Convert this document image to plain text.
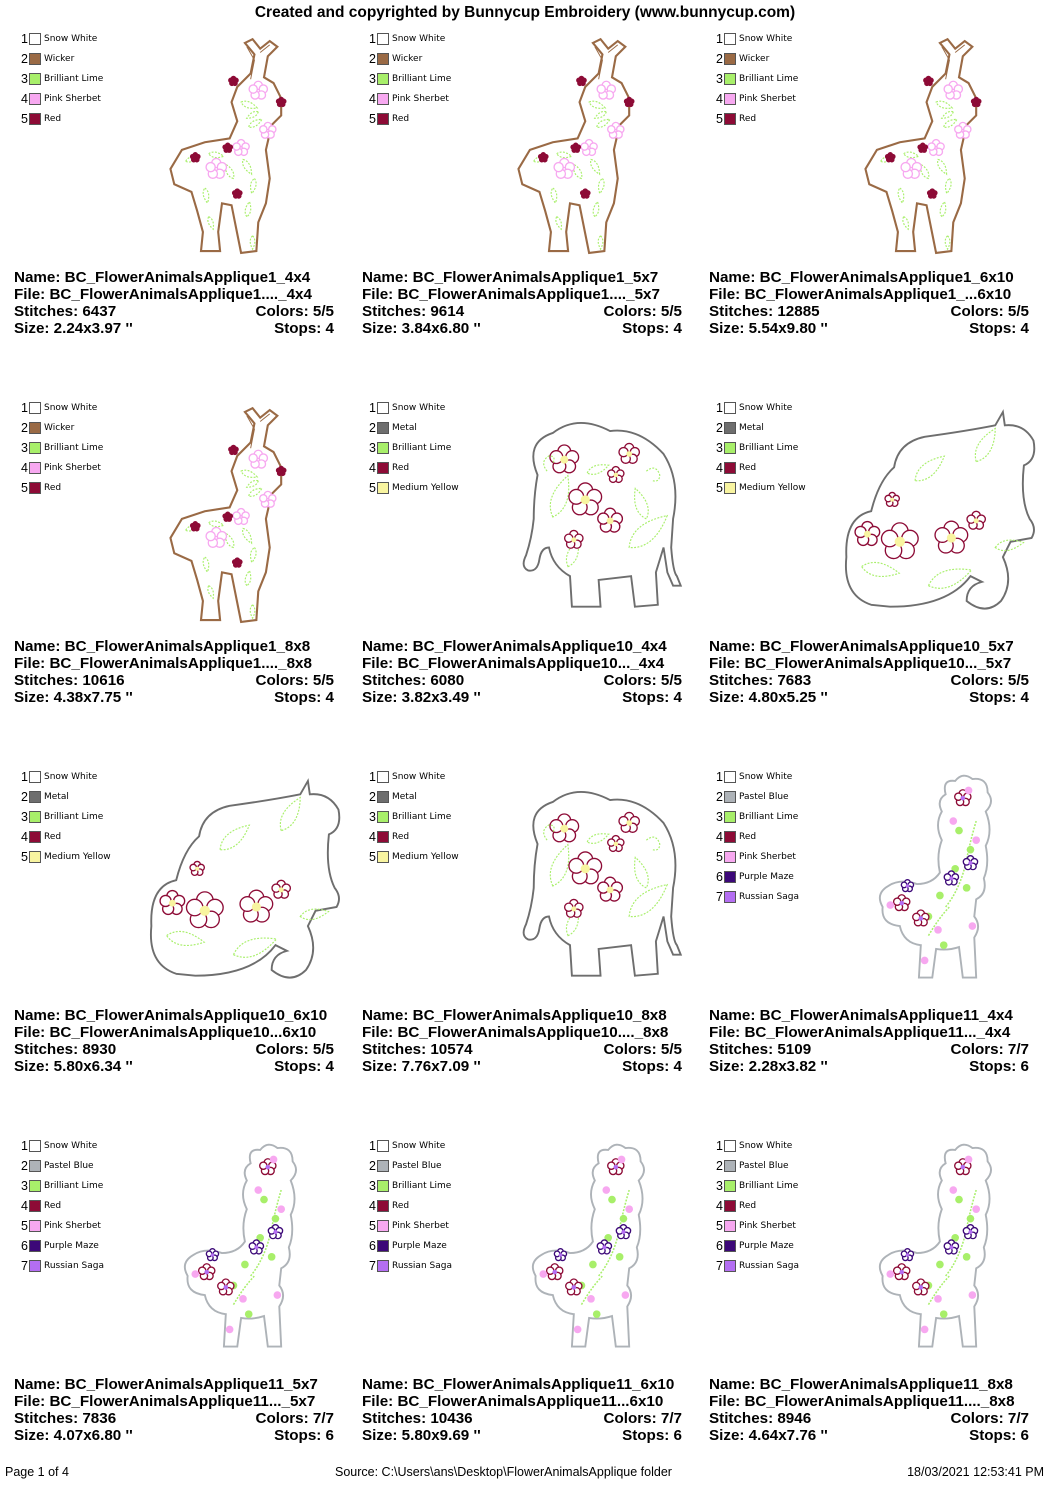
Created and copyrighted by Bunnycup Embroidery (www.bunnycup.com)
1 Snow White
2 Wicker
3 Brilliant Lime
4 Pink Sherbet
5 Red
Name: BC_FlowerAnimalsApplique1_4x4
File: BC_FlowerAnimalsApplique1...._4x4
Stitches: 6437	Colors: 5/5
Size: 2.24x3.97 ''	Stops: 4
1 Snow White
2 Wicker
3 Brilliant Lime
4 Pink Sherbet
5 Red
Name: BC_FlowerAnimalsApplique1_5x7
File: BC_FlowerAnimalsApplique1...._5x7
Stitches: 9614	Colors: 5/5
Size: 3.84x6.80 ''	Stops: 4
1 Snow White
2 Wicker
3 Brilliant Lime
4 Pink Sherbet
5 Red
Name: BC_FlowerAnimalsApplique1_6x10
File: BC_FlowerAnimalsApplique1_...6x10
Stitches: 12885	Colors: 5/5
Size: 5.54x9.80 ''	Stops: 4
1 Snow White
2 Wicker
3 Brilliant Lime
4 Pink Sherbet
5 Red
Name: BC_FlowerAnimalsApplique1_8x8
File: BC_FlowerAnimalsApplique1...._8x8
Stitches: 10616	Colors: 5/5
Size: 4.38x7.75 ''	Stops: 4
1 Snow White
2 Metal
3 Brilliant Lime
4 Red
5 Medium Yellow
Name: BC_FlowerAnimalsApplique10_4x4
File: BC_FlowerAnimalsApplique10..._4x4
Stitches: 6080	Colors: 5/5
Size: 3.82x3.49 ''	Stops: 4
1 Snow White
2 Metal
3 Brilliant Lime
4 Red
5 Medium Yellow
Name: BC_FlowerAnimalsApplique10_5x7
File: BC_FlowerAnimalsApplique10..._5x7
Stitches: 7683	Colors: 5/5
Size: 4.80x5.25 ''	Stops: 4
1 Snow White
2 Metal
3 Brilliant Lime
4 Red
5 Medium Yellow
Name: BC_FlowerAnimalsApplique10_6x10
File: BC_FlowerAnimalsApplique10...6x10
Stitches: 8930	Colors: 5/5
Size: 5.80x6.34 ''	Stops: 4
1 Snow White
2 Metal
3 Brilliant Lime
4 Red
5 Medium Yellow
Name: BC_FlowerAnimalsApplique10_8x8
File: BC_FlowerAnimalsApplique10...._8x8
Stitches: 10574	Colors: 5/5
Size: 7.76x7.09 ''	Stops: 4
1 Snow White
2 Pastel Blue
3 Brilliant Lime
4 Red
5 Pink Sherbet
6 Purple Maze
7 Russian Saga
Name: BC_FlowerAnimalsApplique11_4x4
File: BC_FlowerAnimalsApplique11..._4x4
Stitches: 5109	Colors: 7/7
Size: 2.28x3.82 ''	Stops: 6
1 Snow White
2 Pastel Blue
3 Brilliant Lime
4 Red
5 Pink Sherbet
6 Purple Maze
7 Russian Saga
Name: BC_FlowerAnimalsApplique11_5x7
File: BC_FlowerAnimalsApplique11..._5x7
Stitches: 7836	Colors: 7/7
Size: 4.07x6.80 ''	Stops: 6
1 Snow White
2 Pastel Blue
3 Brilliant Lime
4 Red
5 Pink Sherbet
6 Purple Maze
7 Russian Saga
Name: BC_FlowerAnimalsApplique11_6x10
File: BC_FlowerAnimalsApplique11...6x10
Stitches: 10436	Colors: 7/7
Size: 5.80x9.69 ''	Stops: 6
1 Snow White
2 Pastel Blue
3 Brilliant Lime
4 Red
5 Pink Sherbet
6 Purple Maze
7 Russian Saga
Name: BC_FlowerAnimalsApplique11_8x8
File: BC_FlowerAnimalsApplique11...._8x8
Stitches: 8946	Colors: 7/7
Size: 4.64x7.76 ''	Stops: 6
Page 1 of 4	Source: C:\Users\ans\Desktop\FlowerAnimalsApplique folder	18/03/2021 12:53:41 PM
